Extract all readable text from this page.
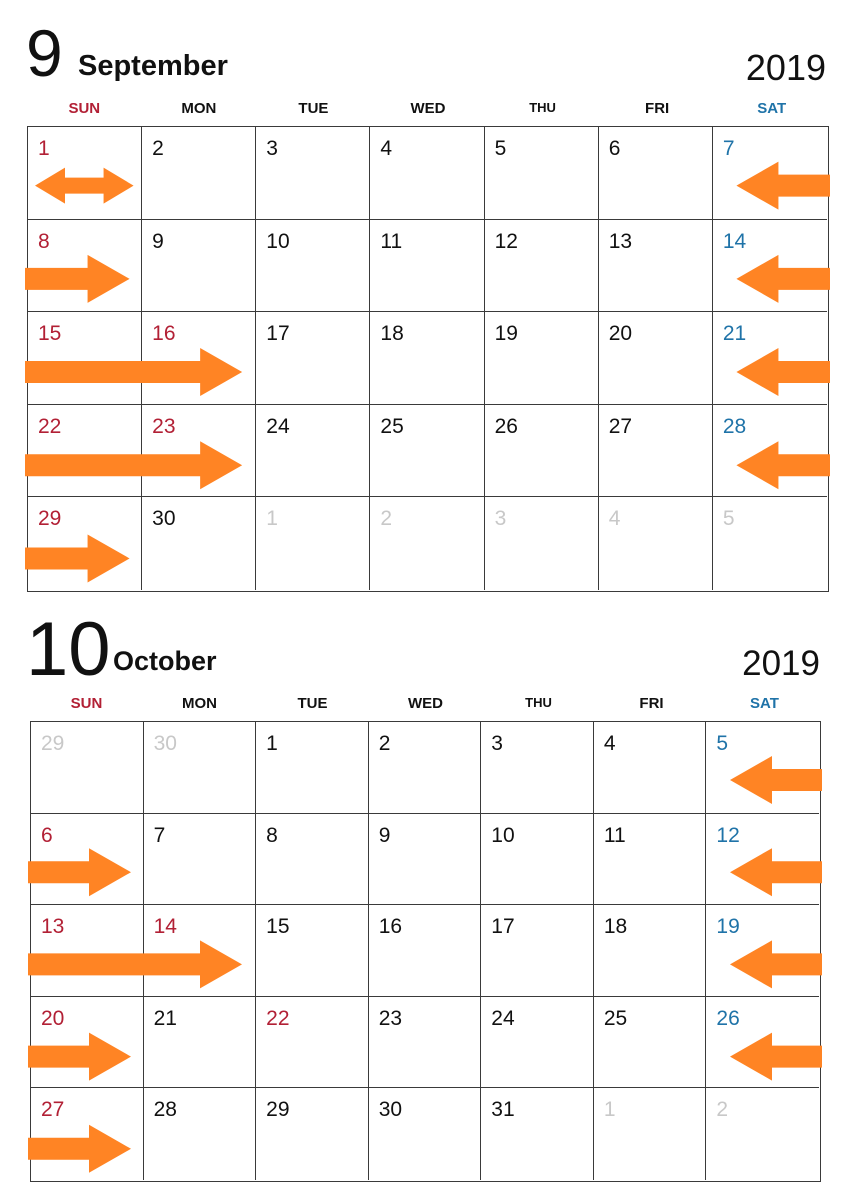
9 September	2019
SUN	MON	TUE	WED	THU	FRI	SAT
1	2	3	4	5	6	7
8	9	10	11	12	13	14
15	16	17	18	19	20	21
22	23	24	25	26	27	28
29	30	1	2	3	4	5
10 October	2019
SUN	MON	TUE	WED	THU	FRI	SAT
29	30	1	2	3	4	5
6	7	8	9	10	11	12
13	14	15	16	17	18	19
20	21	22	23	24	25	26
27	28	29	30	31	1	2
